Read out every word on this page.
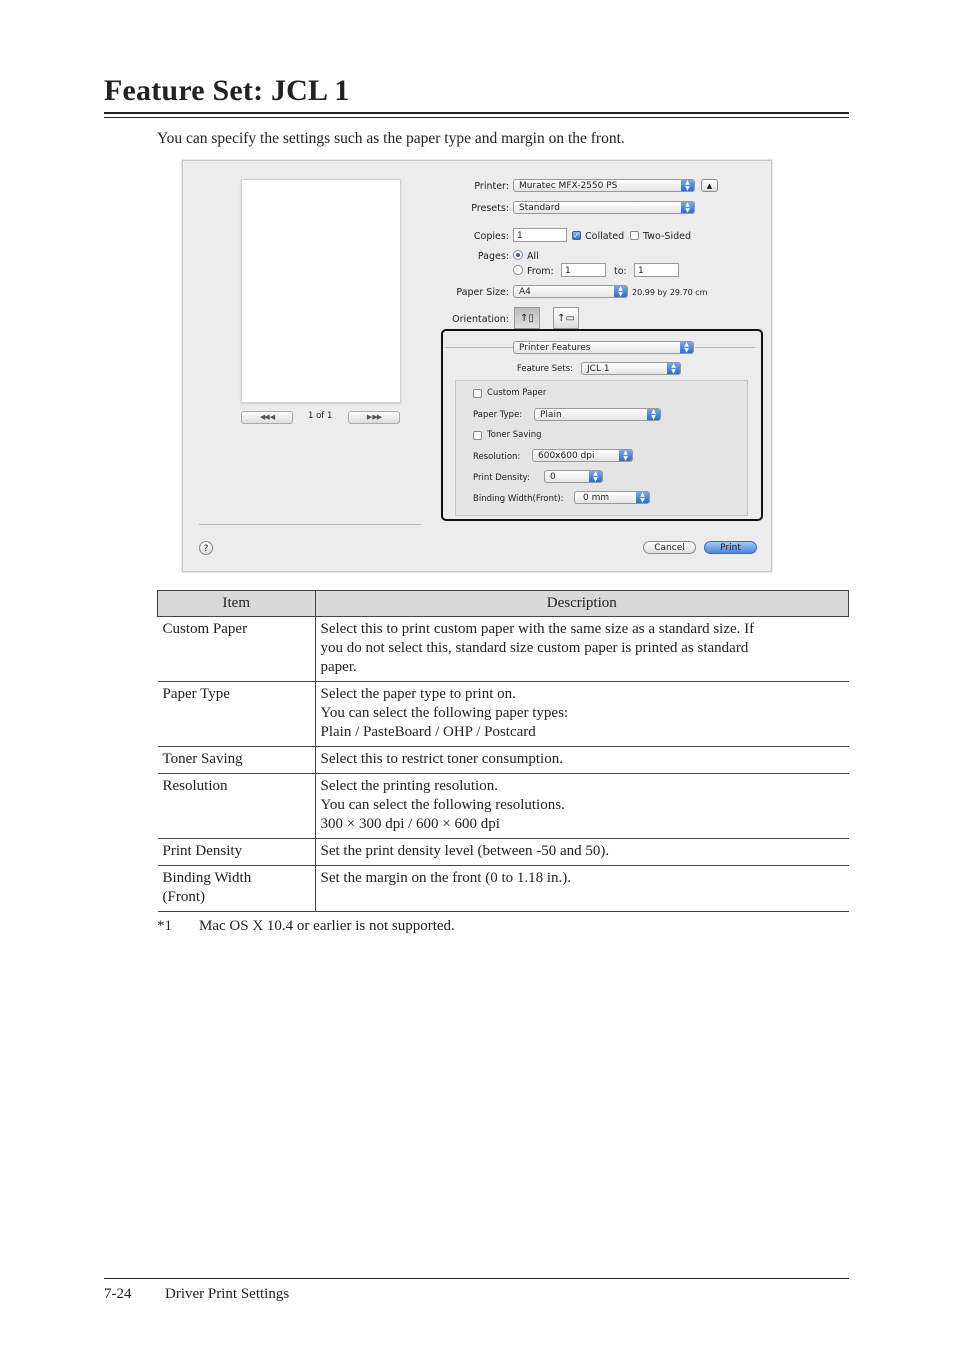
Feature Set: JCL 1
You can specify the settings such as the paper type and margin on the front.
◀◀ ◀	1 of 1	▶ ▶▶
Printer:	Muratec MFX-2550 PS	▲
▼	▲
Presets:	Standard	▲
▼
Copies: 1	✓ Collated Two-Sided
Pages: All
From:	1	to:	1
Paper Size:	A4	▲
▼	20.99 by 29.70 cm
Orientation:	↑▯	↑▭
Printer Features	▲
▼
Feature Sets:	JCL 1	▲
▼
Custom Paper
Paper Type:	Plain	▲
▼
Toner Saving
Resolution:	600x600 dpi	▲
▼
Print Density:	0	▲
▼
Binding Width(Front):	0 mm	▲
▼
?	Cancel	Print
Item	Description

Custom Paper	Select this to print custom paper with the same size as a standard size. If
you do not select this, standard size custom paper is printed as standard
paper.

Paper Type	Select the paper type to print on.
You can select the following paper types:
Plain / PasteBoard / OHP / Postcard

Toner Saving	Select this to restrict toner consumption.

Resolution	Select the printing resolution.
You can select the following resolutions.
300 × 300 dpi / 600 × 600 dpi

Print Density	Set the print density level (between -50 and 50).

Binding Width
(Front)	Set the margin on the front (0 to 1.18 in.).
*1 Mac OS X 10.4 or earlier is not supported.
7-24 Driver Print Settings
